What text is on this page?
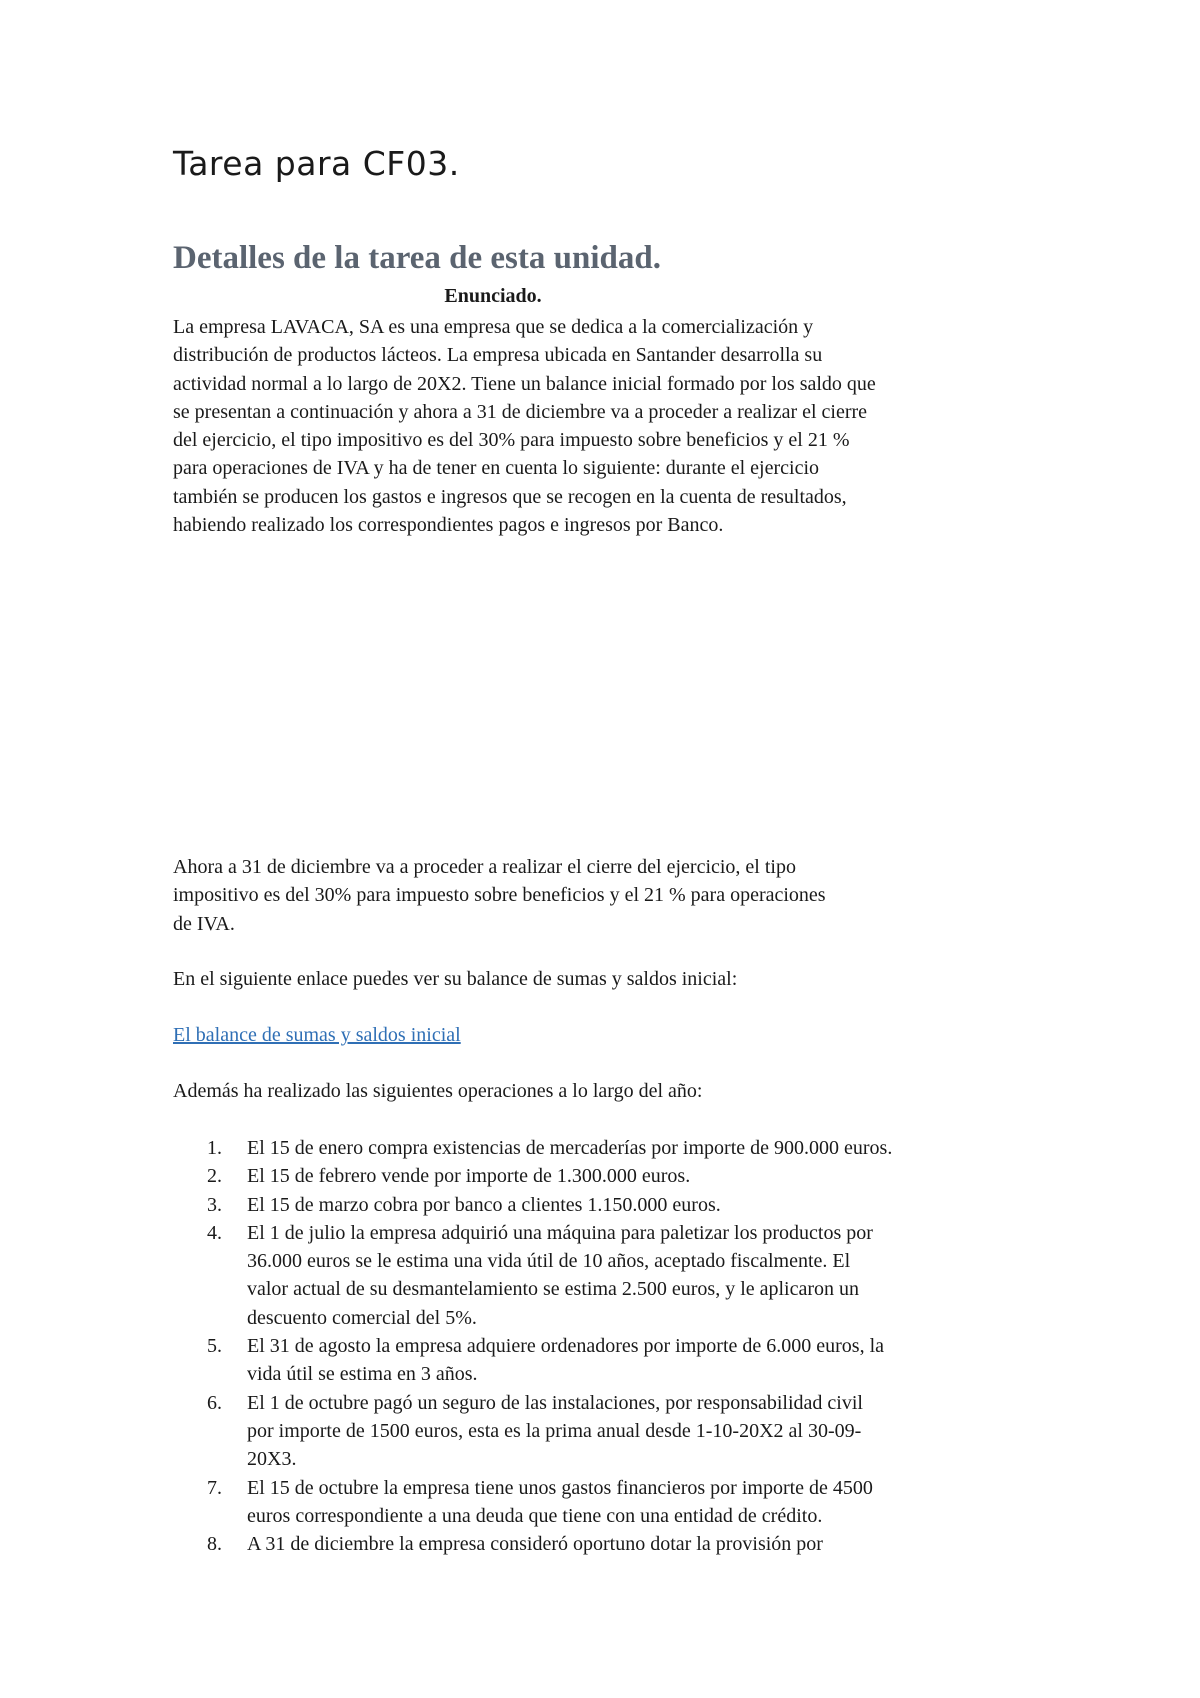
Tarea para CF03.
Detalles de la tarea de esta unidad.
Enunciado.

La empresa LAVACA, SA es una empresa que se dedica a la comercialización y
distribución de productos lácteos. La empresa ubicada en Santander desarrolla su
actividad normal a lo largo de 20X2. Tiene un balance inicial formado por los saldo que
se presentan a continuación y ahora a 31 de diciembre va a proceder a realizar el cierre
del ejercicio, el tipo impositivo es del 30% para impuesto sobre beneficios y el 21 %
para operaciones de IVA y ha de tener en cuenta lo siguiente: durante el ejercicio
también se producen los gastos e ingresos que se recogen en la cuenta de resultados,
habiendo realizado los correspondientes pagos e ingresos por Banco.

Ahora a 31 de diciembre va a proceder a realizar el cierre del ejercicio, el tipo
impositivo es del 30% para impuesto sobre beneficios y el 21 % para operaciones
de IVA.

En el siguiente enlace puedes ver su balance de sumas y saldos inicial:

El balance de sumas y saldos inicial

Además ha realizado las siguientes operaciones a lo largo del año:

1. El 15 de enero compra existencias de mercaderías por importe de 900.000 euros.
2. El 15 de febrero vende por importe de 1.300.000 euros.
3. El 15 de marzo cobra por banco a clientes 1.150.000 euros.
4. El 1 de julio la empresa adquirió una máquina para paletizar los productos por
36.000 euros se le estima una vida útil de 10 años, aceptado fiscalmente. El
valor actual de su desmantelamiento se estima 2.500 euros, y le aplicaron un
descuento comercial del 5%.
5. El 31 de agosto la empresa adquiere ordenadores por importe de 6.000 euros, la
vida útil se estima en 3 años.
6. El 1 de octubre pagó un seguro de las instalaciones, por responsabilidad civil
por importe de 1500 euros, esta es la prima anual desde 1-10-20X2 al 30-09-
20X3.
7. El 15 de octubre la empresa tiene unos gastos financieros por importe de 4500
euros correspondiente a una deuda que tiene con una entidad de crédito.
8. A 31 de diciembre la empresa consideró oportuno dotar la provisión por
